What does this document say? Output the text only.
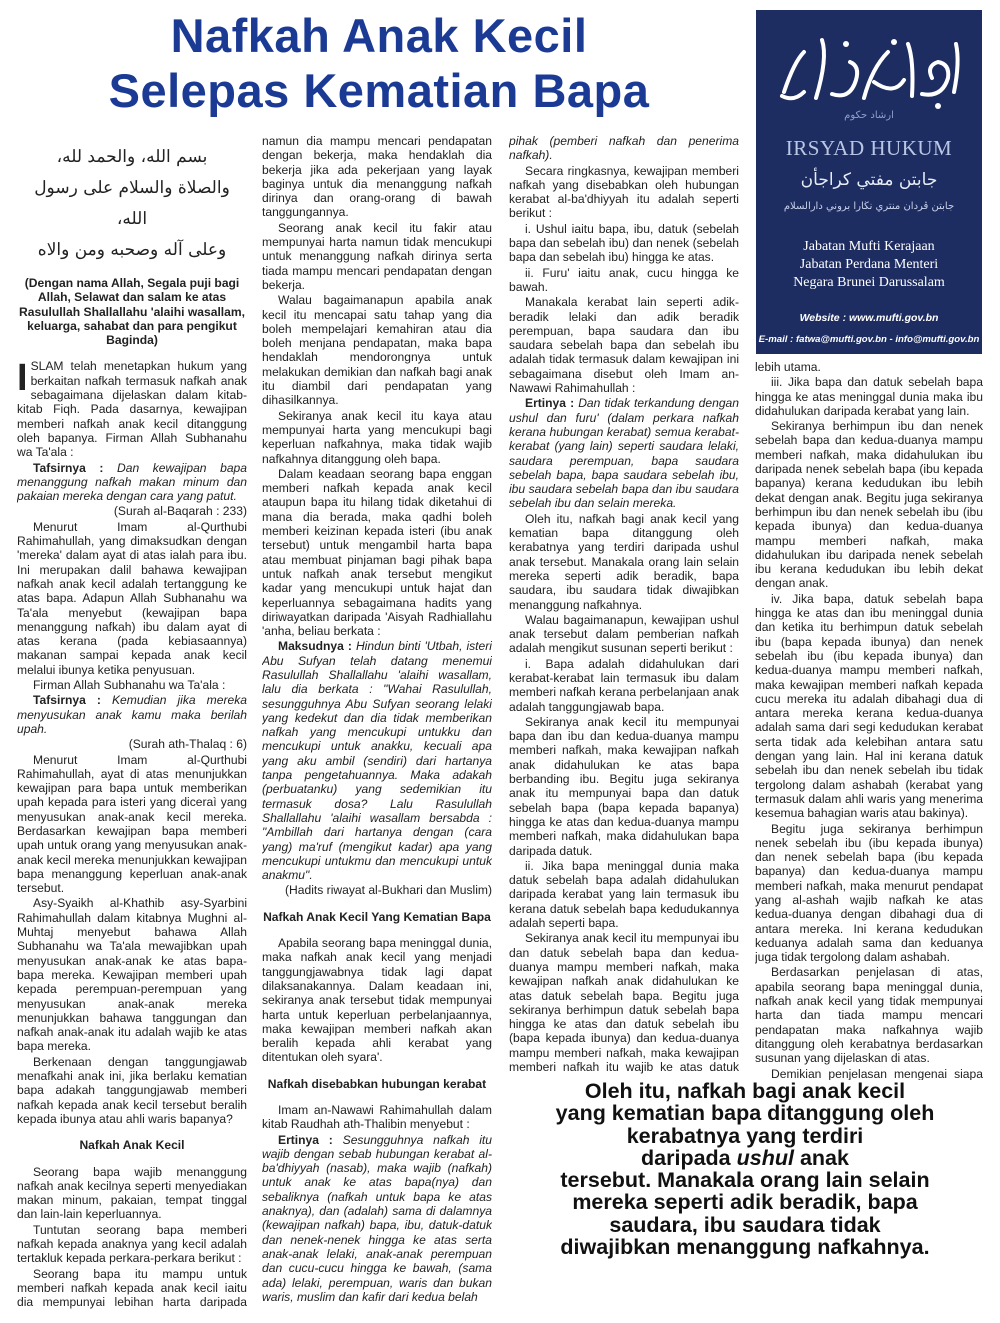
Nafkah Anak Kecil
Selepas Kematian Bapa	ارشاد حكوم
IRSYAD HUKUM
جابتن مفتي كراجأن
جابتن ڤردان منتري نڬارا بروني دارالسلام
Jabatan Mufti Kerajaan
Jabatan Perdana Menteri
Negara Brunei Darussalam
Website : www.mufti.gov.bn
E-mail : fatwa@mufti.gov.bn - info@mufti.gov.bn

بسم الله، والحمد لله،
والصلاة والسلام على رسول الله،
وعلى آله وصحبه ومن والاه

(Dengan nama Allah, Segala puji bagi Allah, Selawat dan salam ke atas Rasulullah Shallallahu 'alaihi wasallam, keluarga, sahabat dan para pengikut Baginda)

ISLAM telah menetapkan hukum yang berkaitan nafkah termasuk nafkah anak sebagaimana dijelaskan dalam kitab-kitab Fiqh. Pada dasarnya, kewajipan memberi nafkah anak kecil ditanggung oleh bapanya. Firman Allah Subhanahu wa Ta'ala :

Tafsirnya : Dan kewajipan bapa menanggung nafkah makan minum dan pakaian mereka dengan cara yang patut.

(Surah al-Baqarah : 233)

Menurut Imam al-Qurthubi Rahimahullah, yang dimaksudkan dengan 'mereka' dalam ayat di atas ialah para ibu. Ini merupakan dalil bahawa kewajipan nafkah anak kecil adalah tertanggung ke atas bapa. Adapun Allah Subhanahu wa Ta'ala menyebut (kewajipan bapa menanggung nafkah) ibu dalam ayat di atas kerana (pada kebiasaannya) makanan sampai kepada anak kecil melalui ibunya ketika penyusuan.

Firman Allah Subhanahu wa Ta'ala :

Tafsirnya : Kemudian jika mereka menyusukan anak kamu maka berilah upah.

(Surah ath-Thalaq : 6)

Menurut Imam al-Qurthubi Rahimahullah, ayat di atas menunjukkan kewajipan para bapa untuk memberikan upah kepada para isteri yang diceraì yang menyusukan anak-anak kecil mereka. Berdasarkan kewajipan bapa memberi upah untuk orang yang menyusukan anak-anak kecil mereka menunjukkan kewajipan bapa menanggung keperluan anak-anak tersebut.

Asy-Syaikh al-Khathib asy-Syarbini Rahimahullah dalam kitabnya Mughni al-Muhtaj menyebut bahawa Allah Subhanahu wa Ta'ala mewajibkan upah menyusukan anak-anak ke atas bapa-bapa mereka. Kewajipan memberi upah kepada perempuan-perempuan yang menyusukan anak-anak mereka menunjukkan bahawa tanggungan dan nafkah anak-anak itu adalah wajib ke atas bapa mereka.

Berkenaan dengan tanggungjawab menafkahi anak ini, jika berlaku kematian bapa adakah tanggungjawab memberi nafkah kepada anak kecil tersebut beralih kepada ibunya atau ahli waris bapanya?

Nafkah Anak Kecil

Seorang bapa wajib menanggung nafkah anak kecilnya seperti menyediakan makan minum, pakaian, tempat tinggal dan lain-lain keperluannya.

Tuntutan seorang bapa memberi nafkah kepada anaknya yang kecil adalah tertakluk kepada perkara-perkara berikut :

Seorang bapa itu mampu untuk memberi nafkah kepada anak kecil iaitu dia mempunyai lebihan harta daripada

namun dia mampu mencari pendapatan dengan bekerja, maka hendaklah dia bekerja jika ada pekerjaan yang layak baginya untuk dia menanggung nafkah dirinya dan orang-orang di bawah tanggungannya.

Seorang anak kecil itu fakir atau mempunyai harta namun tidak mencukupi untuk menanggung nafkah dirinya serta tiada mampu mencari pendapatan dengan bekerja.

Walau bagaimanapun apabila anak kecil itu mencapai satu tahap yang dia boleh mempelajari kemahiran atau dia boleh menjana pendapatan, maka bapa hendaklah mendorongnya untuk melakukan demikian dan nafkah bagi anak itu diambil dari pendapatan yang dihasilkannya.

Sekiranya anak kecil itu kaya atau mempunyai harta yang mencukupi bagi keperluan nafkahnya, maka tidak wajib nafkahnya ditanggung oleh bapa.

Dalam keadaan seorang bapa enggan memberi nafkah kepada anak kecil ataupun bapa itu hilang tidak diketahui di mana dia berada, maka qadhi boleh memberi keizinan kepada isteri (ibu anak tersebut) untuk mengambil harta bapa atau membuat pinjaman bagi pihak bapa untuk nafkah anak tersebut mengikut kadar yang mencukupi untuk hajat dan keperluannya sebagaimana hadits yang diriwayatkan daripada 'Aisyah Radhiallahu 'anha, beliau berkata :

Maksudnya : Hindun binti 'Utbah, isteri Abu Sufyan telah datang menemui Rasulullah Shallallahu 'alaihi wasallam, lalu dia berkata : "Wahai Rasulullah, sesungguhnya Abu Sufyan seorang lelaki yang kedekut dan dia tidak memberikan nafkah yang mencukupi untukku dan mencukupi untuk anakku, kecuali apa yang aku ambil (sendiri) dari hartanya tanpa pengetahuannya. Maka adakah (perbuatanku) yang sedemikian itu termasuk dosa? Lalu Rasulullah Shallallahu 'alaihi wasallam bersabda : "Ambillah dari hartanya dengan (cara yang) ma'ruf (mengikut kadar) apa yang mencukupi untukmu dan mencukupi untuk anakmu".

(Hadits riwayat al-Bukhari dan Muslim)

Nafkah Anak Kecil Yang Kematian Bapa

Apabila seorang bapa meninggal dunia, maka nafkah anak kecil yang menjadi tanggungjawabnya tidak lagi dapat dilaksanakannya. Dalam keadaan ini, sekiranya anak tersebut tidak mempunyai harta untuk keperluan perbelanjaannya, maka kewajipan memberi nafkah akan beralih kepada ahli kerabat yang ditentukan oleh syara'.

Nafkah disebabkan hubungan kerabat

Imam an-Nawawi Rahimahullah dalam kitab Raudhah ath-Thalibin menyebut :

Ertinya : Sesungguhnya nafkah itu wajib dengan sebab hubungan kerabat al-ba'dhiyyah (nasab), maka wajib (nafkah) untuk anak ke atas bapa(nya) dan sebaliknya (nafkah untuk bapa ke atas anaknya), dan (adalah) sama di dalamnya (kewajipan nafkah) bapa, ibu, datuk-datuk dan nenek-nenek hingga ke atas serta anak-anak lelaki, anak-anak perempuan dan cucu-cucu hingga ke bawah, (sama ada) lelaki, perempuan, waris dan bukan waris, muslim dan kafir dari kedua belah

pihak (pemberi nafkah dan penerima nafkah).

Secara ringkasnya, kewajipan memberi nafkah yang disebabkan oleh hubungan kerabat al-ba'dhiyyah itu adalah seperti berikut :

i. Ushul iaitu bapa, ibu, datuk (sebelah bapa dan sebelah ibu) dan nenek (sebelah bapa dan sebelah ibu) hingga ke atas.

ii. Furu' iaitu anak, cucu hingga ke bawah.

Manakala kerabat lain seperti adik-beradik lelaki dan adik beradik perempuan, bapa saudara dan ibu saudara sebelah bapa dan sebelah ibu adalah tidak termasuk dalam kewajipan ini sebagaimana disebut oleh Imam an-Nawawi Rahimahullah :

Ertinya : Dan tidak terkandung dengan ushul dan furu' (dalam perkara nafkah kerana hubungan kerabat) semua kerabat-kerabat (yang lain) seperti saudara lelaki, saudara perempuan, bapa saudara sebelah bapa, bapa saudara sebelah ibu, ibu saudara sebelah bapa dan ibu saudara sebelah ibu dan selain mereka.

Oleh itu, nafkah bagi anak kecil yang kematian bapa ditanggung oleh kerabatnya yang terdiri daripada ushul anak tersebut. Manakala orang lain selain mereka seperti adik beradik, bapa saudara, ibu saudara tidak diwajibkan menanggung nafkahnya.

Walau bagaimanapun, kewajipan ushul anak tersebut dalam pemberian nafkah adalah mengikut susunan seperti berikut :

i. Bapa adalah didahulukan dari kerabat-kerabat lain termasuk ibu dalam memberi nafkah kerana perbelanjaan anak adalah tanggungjawab bapa.

Sekiranya anak kecil itu mempunyai bapa dan ibu dan kedua-duanya mampu memberi nafkah, maka kewajipan nafkah anak didahulukan ke atas bapa berbanding ibu. Begitu juga sekiranya anak itu mempunyai bapa dan datuk sebelah bapa (bapa kepada bapanya) hingga ke atas dan kedua-duanya mampu memberi nafkah, maka didahulukan bapa daripada datuk.

ii. Jika bapa meninggal dunia maka datuk sebelah bapa adalah didahulukan daripada kerabat yang lain termasuk ibu kerana datuk sebelah bapa kedudukannya adalah seperti bapa.

Sekiranya anak kecil itu mempunyai ibu dan datuk sebelah bapa dan kedua-duanya mampu memberi nafkah, maka kewajipan nafkah anak didahulukan ke atas datuk sebelah bapa. Begitu juga sekiranya berhimpun datuk sebelah bapa hingga ke atas dan datuk sebelah ibu (bapa kepada ibunya) dan kedua-duanya mampu memberi nafkah, maka kewajipan memberi nafkah itu wajib ke atas datuk

lebih utama.

iii. Jika bapa dan datuk sebelah bapa hingga ke atas meninggal dunia maka ibu didahulukan daripada kerabat yang lain.

Sekiranya berhimpun ibu dan nenek sebelah bapa dan kedua-duanya mampu memberi nafkah, maka didahulukan ibu daripada nenek sebelah bapa (ibu kepada bapanya) kerana kedudukan ibu lebih dekat dengan anak. Begitu juga sekiranya berhimpun ibu dan nenek sebelah ibu (ibu kepada ibunya) dan kedua-duanya mampu memberi nafkah, maka didahulukan ibu daripada nenek sebelah ibu kerana kedudukan ibu lebih dekat dengan anak.

iv. Jika bapa, datuk sebelah bapa hingga ke atas dan ibu meninggal dunia dan ketika itu berhimpun datuk sebelah ibu (bapa kepada ibunya) dan nenek sebelah ibu (ibu kepada ibunya) dan kedua-duanya mampu memberi nafkah, maka kewajipan memberi nafkah kepada cucu mereka itu adalah dibahagi dua di antara mereka kerana kedua-duanya adalah sama dari segi kedudukan kerabat serta tidak ada kelebihan antara satu dengan yang lain. Hal ini kerana datuk sebelah ibu dan nenek sebelah ibu tidak tergolong dalam ashabah (kerabat yang termasuk dalam ahli waris yang menerima kesemua bahagian waris atau bakinya).

Begitu juga sekiranya berhimpun nenek sebelah ibu (ibu kepada ibunya) dan nenek sebelah bapa (ibu kepada bapanya) dan kedua-duanya mampu memberi nafkah, maka menurut pendapat yang al-ashah wajib nafkah ke atas kedua-duanya dengan dibahagi dua di antara mereka. Ini kerana kedudukan keduanya adalah sama dan keduanya juga tidak tergolong dalam ashabah.

Berdasarkan penjelasan di atas, apabila seorang bapa meninggal dunia, nafkah anak kecil yang tidak mempunyai harta dan tiada mampu mencari pendapatan maka nafkahnya wajib ditanggung oleh kerabatnya berdasarkan susunan yang dijelaskan di atas.

Demikian penjelasan mengenai siapa

Oleh itu, nafkah bagi anak kecil
yang kematian bapa ditanggung oleh
kerabatnya yang terdiri
daripada ushul anak
tersebut. Manakala orang lain selain
mereka seperti adik beradik, bapa
saudara, ibu saudara tidak
diwajibkan menanggung nafkahnya.
